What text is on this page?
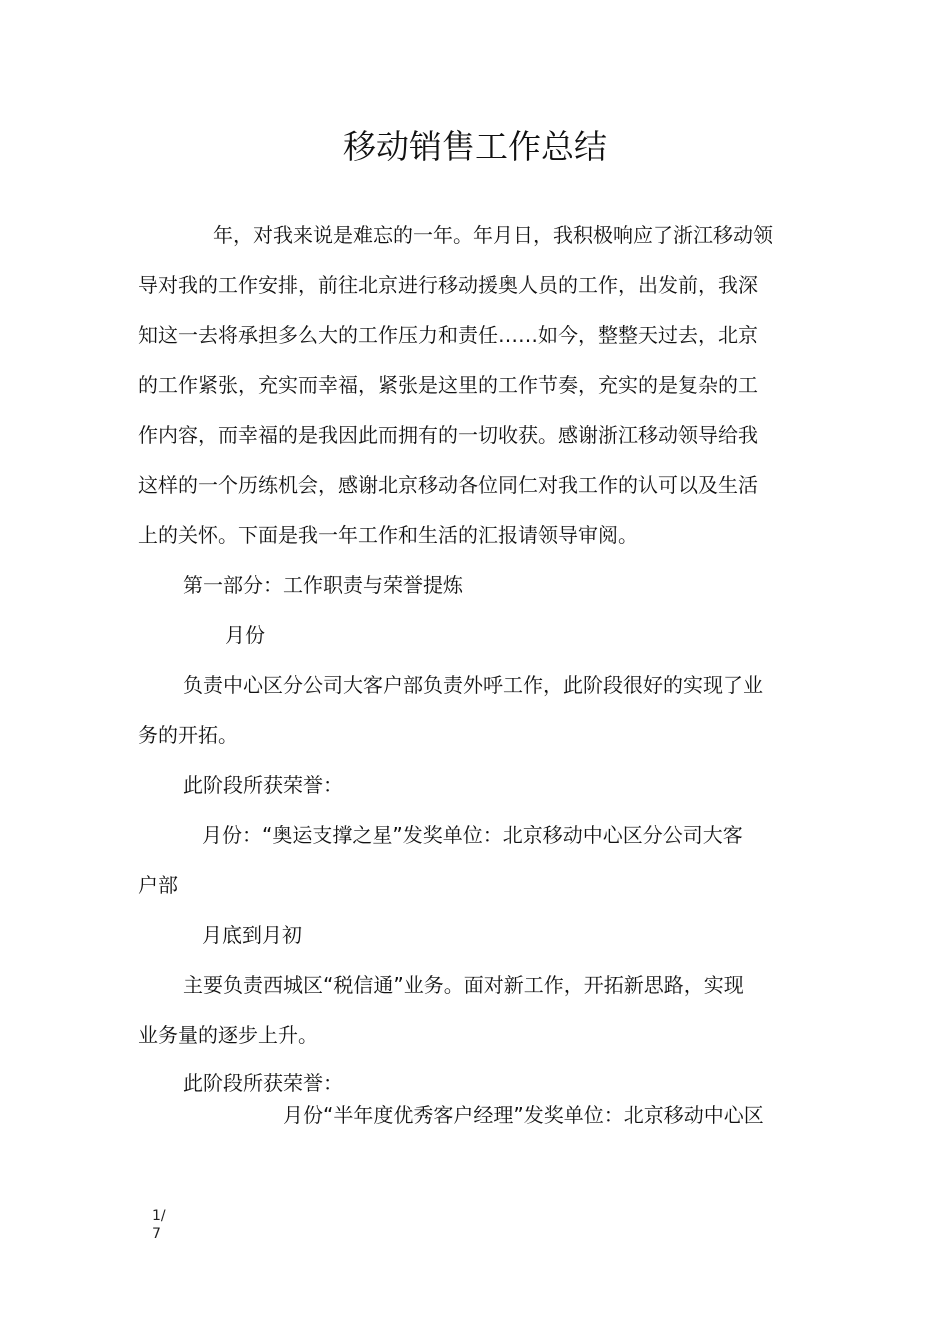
移动销售工作总结
年，对我来说是难忘的一年。年月日，我积极响应了浙江移动领
导对我的工作安排，前往北京进行移动援奥人员的工作，出发前，我深
知这一去将承担多么大的工作压力和责任……如今，整整天过去，北京
的工作紧张，充实而幸福，紧张是这里的工作节奏，充实的是复杂的工
作内容，而幸福的是我因此而拥有的一切收获。感谢浙江移动领导给我
这样的一个历练机会，感谢北京移动各位同仁对我工作的认可以及生活
上的关怀。下面是我一年工作和生活的汇报请领导审阅。
第一部分：工作职责与荣誉提炼
月份
负责中心区分公司大客户部负责外呼工作，此阶段很好的实现了业
务的开拓。
此阶段所获荣誉：
月份：“奥运支撑之星”发奖单位：北京移动中心区分公司大客
户部
月底到月初
主要负责西城区“税信通”业务。面对新工作，开拓新思路，实现
业务量的逐步上升。
此阶段所获荣誉：
月份“半年度优秀客户经理”发奖单位：北京移动中心区
1/
7
